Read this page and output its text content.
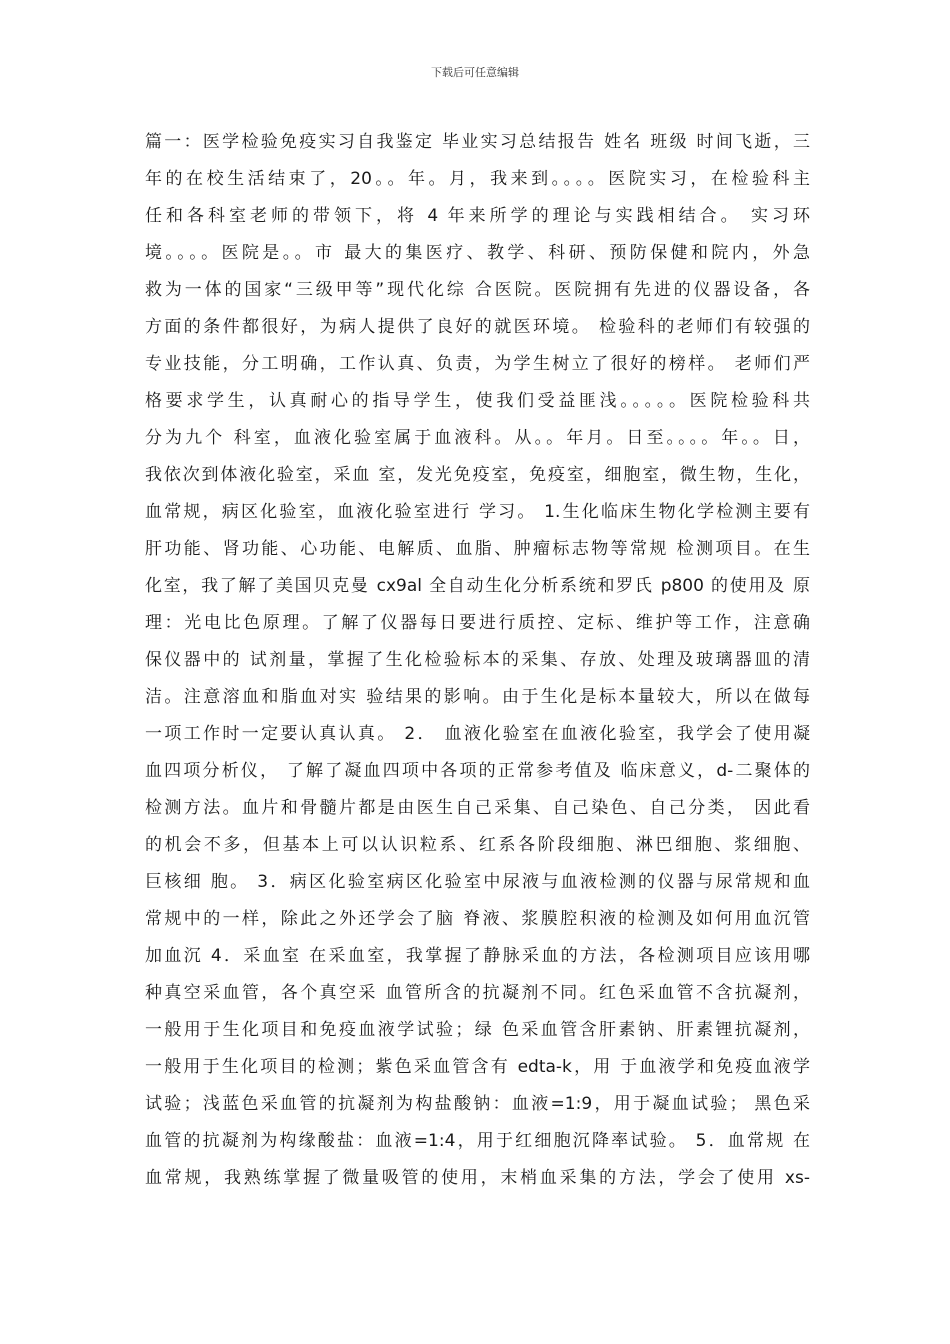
下载后可任意编辑
篇一：医学检验免疫实习自我鉴定 毕业实习总结报告 姓名 班级 时间飞逝，三
年的在校生活结束了，20。。年。月，我来到。。。。医院实习，在检验科主
任和各科室老师的带领下，将 4 年来所学的理论与实践相结合。 实习环
境。。。。医院是。。市 最大的集医疗、教学、科研、预防保健和院内，外急
救为一体的国家“三级甲等”现代化综 合医院。医院拥有先进的仪器设备，各
方面的条件都很好，为病人提供了良好的就医环境。 检验科的老师们有较强的
专业技能，分工明确，工作认真、负责，为学生树立了很好的榜样。 老师们严
格要求学生，认真耐心的指导学生，使我们受益匪浅。。。。。医院检验科共
分为九个 科室，血液化验室属于血液科。从。。年月。日至。。。。年。。日，
我依次到体液化验室，采血 室，发光免疫室，免疫室，细胞室，微生物，生化，
血常规，病区化验室，血液化验室进行 学习。 1.生化临床生物化学检测主要有
肝功能、肾功能、心功能、电解质、血脂、肿瘤标志物等常规 检测项目。在生
化室，我了解了美国贝克曼 cx9al 全自动生化分析系统和罗氏 p800 的使用及 原
理：光电比色原理。了解了仪器每日要进行质控、定标、维护等工作，注意确
保仪器中的 试剂量，掌握了生化检验标本的采集、存放、处理及玻璃器皿的清
洁。注意溶血和脂血对实 验结果的影响。由于生化是标本量较大，所以在做每
一项工作时一定要认真认真。 2． 血液化验室在血液化验室，我学会了使用凝
血四项分析仪， 了解了凝血四项中各项的正常参考值及 临床意义，d-二聚体的
检测方法。血片和骨髓片都是由医生自己采集、自己染色、自己分类， 因此看
的机会不多，但基本上可以认识粒系、红系各阶段细胞、淋巴细胞、浆细胞、
巨核细 胞。 3．病区化验室病区化验室中尿液与血液检测的仪器与尿常规和血
常规中的一样，除此之外还学会了脑 脊液、浆膜腔积液的检测及如何用血沉管
加血沉 4．采血室 在采血室，我掌握了静脉采血的方法，各检测项目应该用哪
种真空采血管，各个真空采 血管所含的抗凝剂不同。红色采血管不含抗凝剂，
一般用于生化项目和免疫血液学试验；绿 色采血管含肝素钠、肝素锂抗凝剂，
一般用于生化项目的检测；紫色采血管含有 edta-k，用 于血液学和免疫血液学
试验；浅蓝色采血管的抗凝剂为构盐酸钠：血液=1:9，用于凝血试验； 黑色采
血管的抗凝剂为构缘酸盐：血液=1:4，用于红细胞沉降率试验。 5．血常规 在
血常规，我熟练掌握了微量吸管的使用，末梢血采集的方法，学会了使用 xs-
